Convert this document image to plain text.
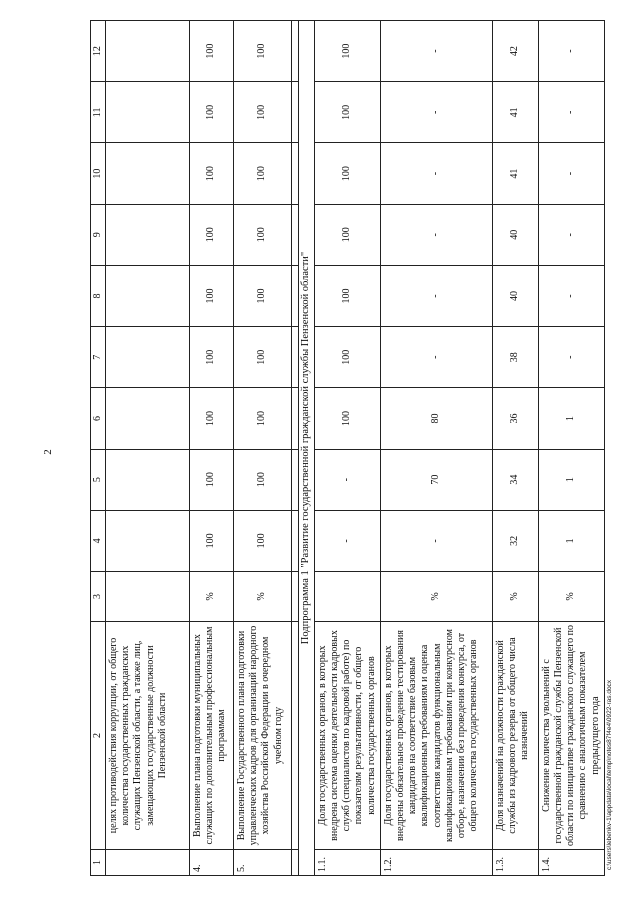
2
1	2	3	4	5	6	7	8	9	10	11	12
	целях противодействия коррупции, от общего количества государственных гражданских служащих Пензенской области, а также лиц, замещающих государственные должности Пензенской области										
4.	Выполнение плана подготовки муниципальных служащих по дополнительным профессиональным программам	%	100	100	100	100	100	100	100	100	100
5.	Выполнение Государственного плана подготовки управленческих кадров для организаций народного хозяйства Российской Федерации в очередном учебном году	%	100	100	100	100	100	100	100	100	100

Подпрограмма 1 "Развитие государственной гражданской службы Пензенской области"											
1.1.	Доля государственных органов, в которых внедрена система оценки деятельности кадровых служб (специалистов по кадровой работе) по показателям результативности, от общего количества государственных органов		-	-	100	100	100	100	100	100	100
1.2.	Доля государственных органов, в которых внедрены обязательное проведение тестирования кандидатов на соответствие базовым квалификационным требованиям и оценка соответствия кандидатов функциональным квалификационным требованиям при конкурсном отборе, назначении без проведения конкурса, от общего количества государственных органов	%	-	70	80	-	-	-	-	-	-
1.3.	Доля назначений на должности гражданской службы из кадрового резерва от общего числа назначений	%	32	34	36	38	40	40	41	41	42
1.4.	Снижение количества увольнений с государственной гражданской службы Пензенской области по инициативе гражданского служащего по сравнению с аналогичным показателем предыдущего года	%	1	1	1	-	-	-	-	-	-
c:\users\lebenkv-1\appdata\local\temp\notes87f4e4\0922-ras.docx
